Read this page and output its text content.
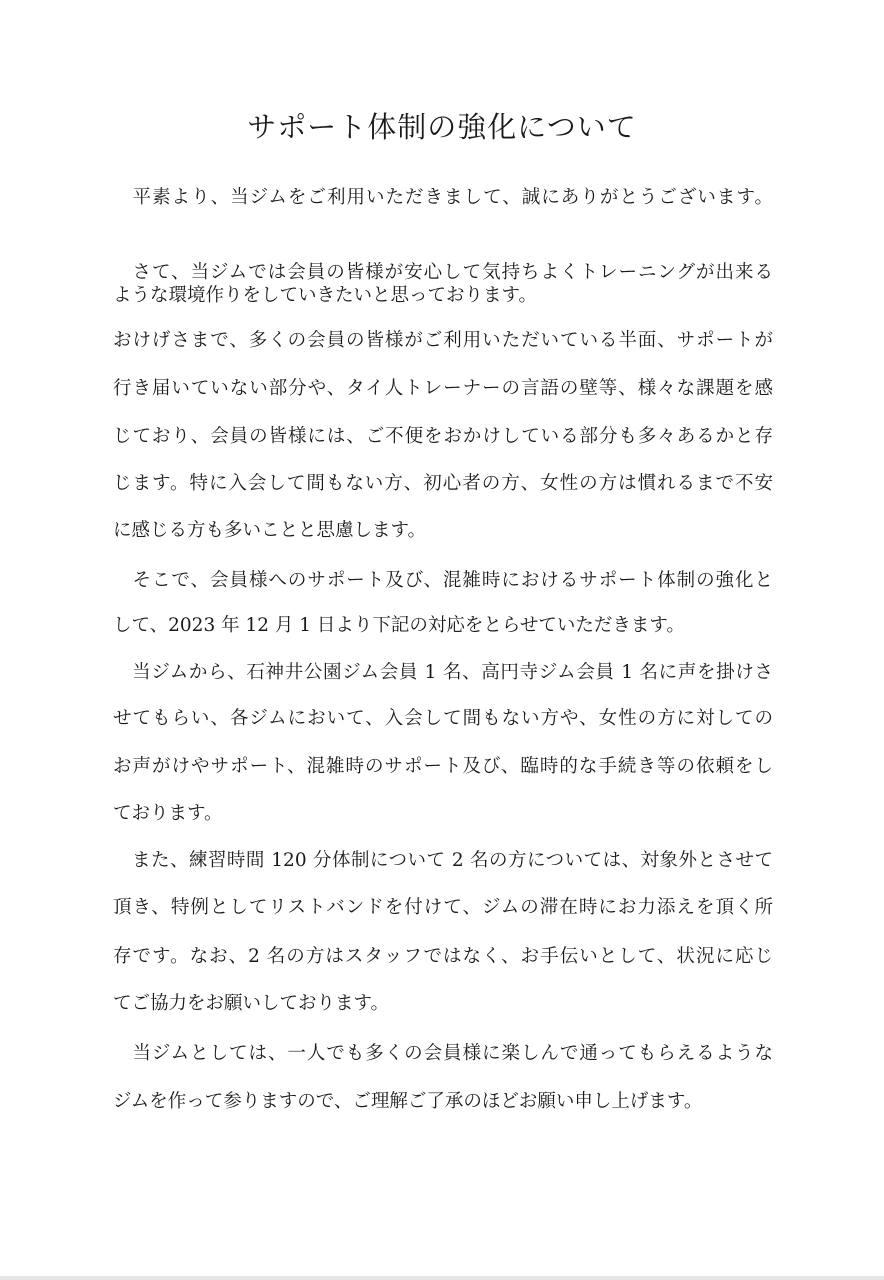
サポート体制の強化について
　平素より、当ジムをご利用いただきまして、誠にありがとうございます。
　さて、当ジムでは会員の皆様が安心して気持ちよくトレーニングが出来る
ような環境作りをしていきたいと思っております。
おけげさまで、多くの会員の皆様がご利用いただいている半面、サポートが
行き届いていない部分や、タイ人トレーナーの言語の壁等、様々な課題を感
じており、会員の皆様には、ご不便をおかけしている部分も多々あるかと存
じます。特に入会して間もない方、初心者の方、女性の方は慣れるまで不安
に感じる方も多いことと思慮します。
　そこで、会員様へのサポート及び、混雑時におけるサポート体制の強化と
して、2023 年 12 月 1 日より下記の対応をとらせていただきます。
　当ジムから、石神井公園ジム会員 1 名、高円寺ジム会員 1 名に声を掛けさ
せてもらい、各ジムにおいて、入会して間もない方や、女性の方に対しての
お声がけやサポート、混雑時のサポート及び、臨時的な手続き等の依頼をし
ております。
　また、練習時間 120 分体制について 2 名の方については、対象外とさせて
頂き、特例としてリストバンドを付けて、ジムの滞在時にお力添えを頂く所
存です。なお、2 名の方はスタッフではなく、お手伝いとして、状況に応じ
てご協力をお願いしております。
　当ジムとしては、一人でも多くの会員様に楽しんで通ってもらえるような
ジムを作って参りますので、ご理解ご了承のほどお願い申し上げます。
